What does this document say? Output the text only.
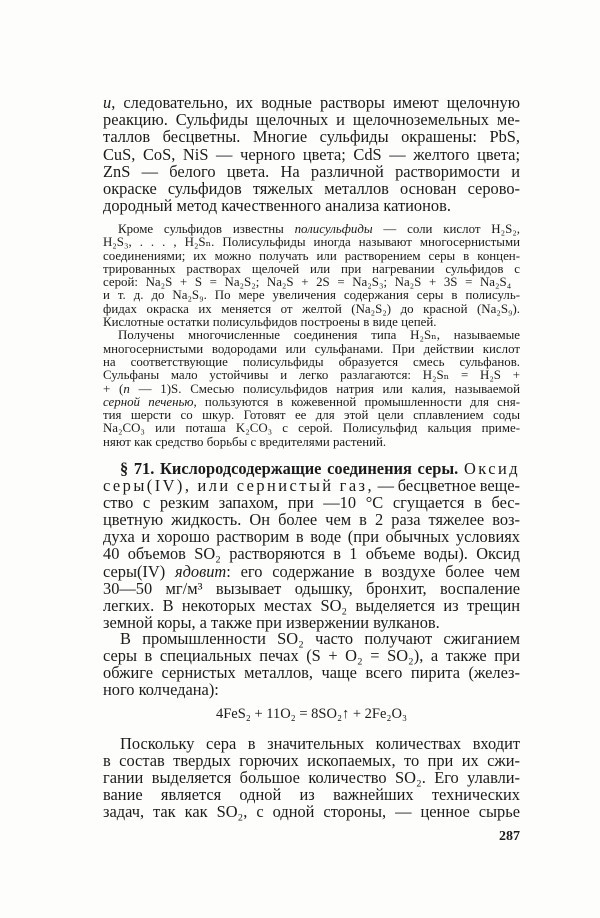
и, следовательно, их водные растворы имеют щелочную
реакцию. Сульфиды щелочных и щелочноземельных ме-
таллов бесцветны. Многие сульфиды окрашены: PbS,
CuS, CoS, NiS — черного цвета; CdS — желтого цвета;
ZnS — белого цвета. На различной растворимости и
окраске сульфидов тяжелых металлов основан серово-
дородный метод качественного анализа катионов.
Кроме сульфидов известны полисульфиды — соли кислот H₂S₂,
H₂S₃, . . . , H₂Sₙ. Полисульфиды иногда называют многосернистыми
соединениями; их можно получать или растворением серы в концен-
трированных растворах щелочей или при нагревании сульфидов с
серой: Na₂S + S = Na₂S₂; Na₂S + 2S = Na₂S₃; Na₂S + 3S = Na₂S₄
и т. д. до Na₂S₉. По мере увеличения содержания серы в полисуль-
фидах окраска их меняется от желтой (Na₂S₂) до красной (Na₂S₉).
Кислотные остатки полисульфидов построены в виде цепей.
Получены многочисленные соединения типа H₂Sₙ, называемые
многосернистыми водородами или сульфанами. При действии кислот
на соответствующие полисульфиды образуется смесь сульфанов.
Сульфаны мало устойчивы и легко разлагаются: H₂Sₙ = H₂S +
+ (n — 1)S. Смесью полисульфидов натрия или калия, называемой
серной печенью, пользуются в кожевенной промышленности для сня-
тия шерсти со шкур. Готовят ее для этой цели сплавлением соды
Na₂CO₃ или поташа K₂CO₃ с серой. Полисульфид кальция приме-
няют как средство борьбы с вредителями растений.
§ 71. Кислородсодержащие соединения серы. Оксид
серы(IV), или сернистый газ, — бесцветное веще-
ство с резким запахом, при —10 °C сгущается в бес-
цветную жидкость. Он более чем в 2 раза тяжелее воз-
духа и хорошо растворим в воде (при обычных условиях
40 объемов SO₂ растворяются в 1 объеме воды). Оксид
серы(IV) ядовит: его содержание в воздухе более чем
30—50 мг/м³ вызывает одышку, бронхит, воспаление
легких. В некоторых местах SO₂ выделяется из трещин
земной коры, а также при извержении вулканов.
В промышленности SO₂ часто получают сжиганием
серы в специальных печах (S + O₂ = SO₂), а также при
обжиге сернистых металлов, чаще всего пирита (желез-
ного колчедана):
Поскольку сера в значительных количествах входит
в состав твердых горючих ископаемых, то при их сжи-
гании выделяется большое количество SO₂. Его улавли-
вание является одной из важнейших технических
задач, так как SO₂, с одной стороны, — ценное сырье
4FeS₂ + 11O₂ = 8SO₂↑ + 2Fe₂O₃
287
